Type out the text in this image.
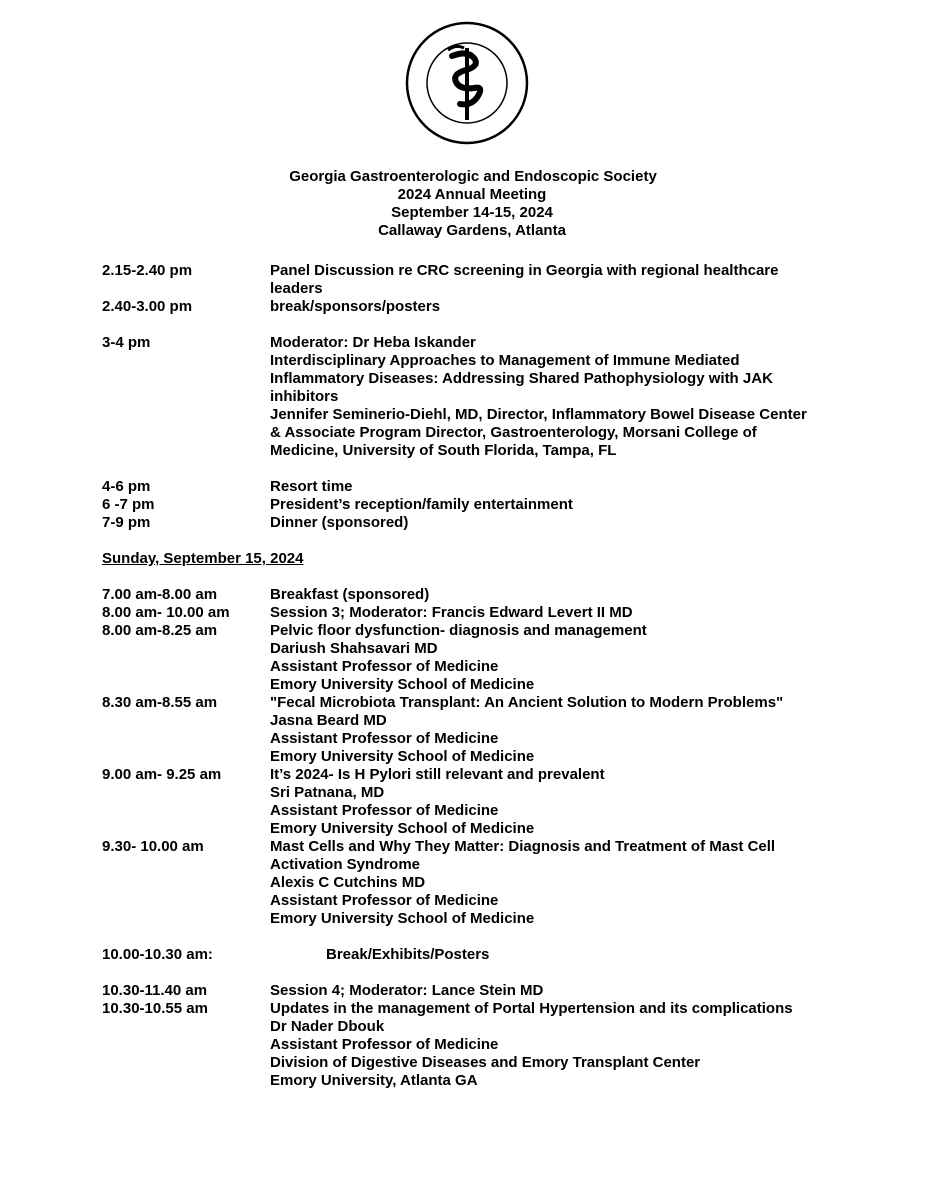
Georgia Gastroenterologic and Endoscopic Society
2024 Annual Meeting
September 14-15, 2024
Callaway Gardens, Atlanta
2.15-2.40 pm	Panel Discussion re CRC screening in Georgia with regional healthcare
leaders
2.40-3.00 pm	break/sponsors/posters
3-4 pm	Moderator: Dr Heba Iskander
Interdisciplinary Approaches to Management of Immune Mediated
Inflammatory Diseases: Addressing Shared Pathophysiology with JAK
inhibitors
Jennifer Seminerio-Diehl, MD, Director, Inflammatory Bowel Disease Center
& Associate Program Director, Gastroenterology, Morsani College of
Medicine, University of South Florida, Tampa, FL
4-6 pm	Resort time
6 -7 pm	President’s reception/family entertainment
7-9 pm	Dinner (sponsored)
Sunday, September 15, 2024
7.00 am-8.00 am	Breakfast (sponsored)
8.00 am- 10.00 am	Session 3; Moderator: Francis Edward Levert II MD
8.00 am-8.25 am	Pelvic floor dysfunction- diagnosis and management
Dariush Shahsavari MD
Assistant Professor of Medicine
Emory University School of Medicine
8.30 am-8.55 am	"Fecal Microbiota Transplant: An Ancient Solution to Modern Problems"
Jasna Beard MD
Assistant Professor of Medicine
Emory University School of Medicine
9.00 am- 9.25 am	It’s 2024- Is H Pylori still relevant and prevalent
Sri Patnana, MD
Assistant Professor of Medicine
Emory University School of Medicine
9.30- 10.00 am	Mast Cells and Why They Matter: Diagnosis and Treatment of Mast Cell
Activation Syndrome
Alexis C Cutchins MD
Assistant Professor of Medicine
Emory University School of Medicine
10.00-10.30 am:	Break/Exhibits/Posters
10.30-11.40 am	Session 4; Moderator: Lance Stein MD
10.30-10.55 am	Updates in the management of Portal Hypertension and its complications
Dr Nader Dbouk
Assistant Professor of Medicine
Division of Digestive Diseases and Emory Transplant Center
Emory University, Atlanta GA
